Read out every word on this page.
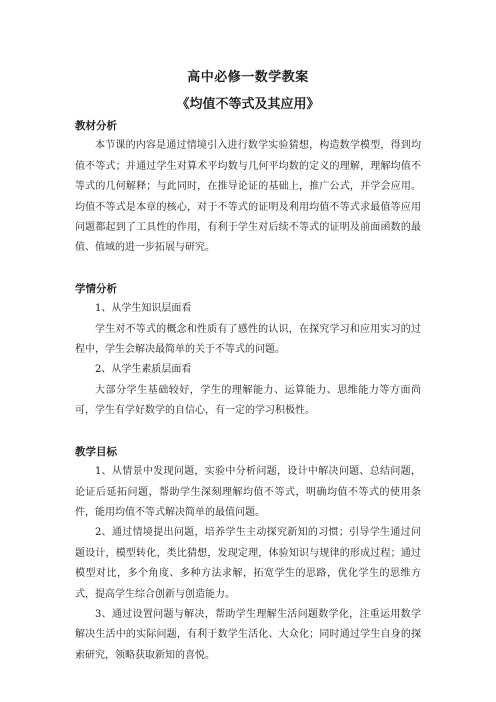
高中必修一数学教案
《均值不等式及其应用》

教材分析

本节课的内容是通过情境引入进行数学实验猜想，构造数学模型，得到均值不等式；并通过学生对算术平均数与几何平均数的定义的理解，理解均值不等式的几何解释；与此同时，在推导论证的基础上，推广公式，并学会应用。均值不等式是本章的核心，对于不等式的证明及利用均值不等式求最值等应用问题都起到了工具性的作用，有利于学生对后续不等式的证明及前面函数的最值、值域的进一步拓展与研究。

学情分析

1、从学生知识层面看

学生对不等式的概念和性质有了感性的认识，在探究学习和应用实习的过程中，学生会解决最简单的关于不等式的问题。

2、从学生素质层面看

大部分学生基础较好，学生的理解能力、运算能力、思维能力等方面尚可，学生有学好数学的自信心，有一定的学习积极性。

教学目标

1、从情景中发现问题，实验中分析问题，设计中解决问题、总结问题，论证后延拓问题，帮助学生深刻理解均值不等式，明确均值不等式的使用条件，能用均值不等式解决简单的最值问题。

2、通过情境提出问题，培养学生主动探究新知的习惯；引导学生通过问题设计，模型转化，类比猜想，发现定理，体验知识与规律的形成过程；通过模型对比，多个角度、多种方法求解，拓宽学生的思路，优化学生的思维方式，提高学生综合创新与创造能力。

3、通过设置问题与解决，帮助学生理解生活问题数学化，注重运用数学解决生活中的实际问题，有利于数学生活化、大众化；同时通过学生自身的探索研究，领略获取新知的喜悦。
